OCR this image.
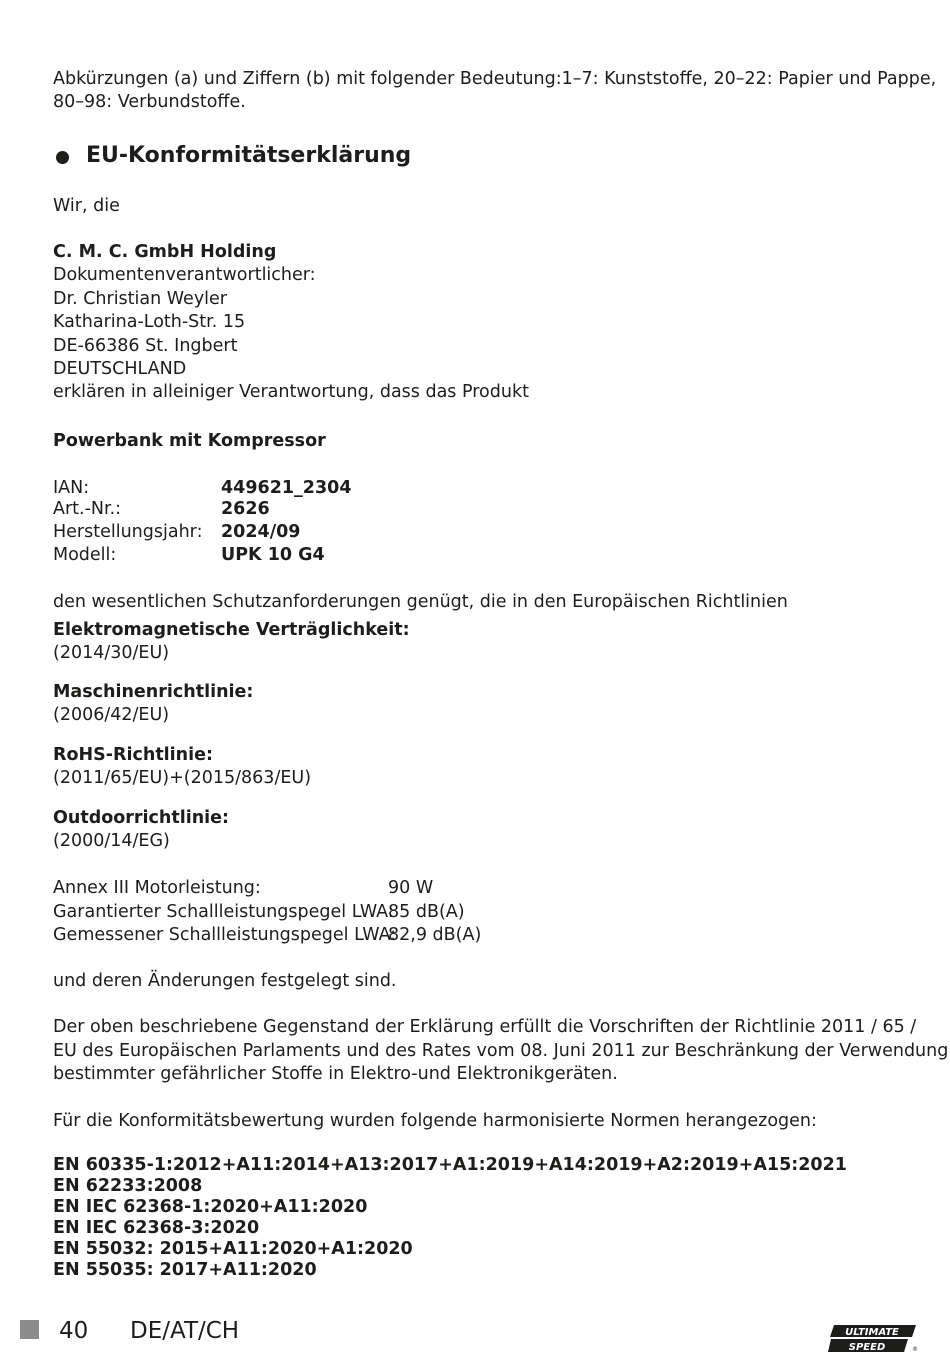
Abkürzungen (a) und Ziffern (b) mit folgender Bedeutung:1–7: Kunststoffe, 20–22: Papier und Pappe,
80–98: Verbundstoffe.
EU-Konformitätserklärung
Wir, die
C. M. C. GmbH Holding
Dokumentenverantwortlicher:
Dr. Christian Weyler
Katharina-Loth-Str. 15
DE-66386 St. Ingbert
DEUTSCHLAND
erklären in alleiniger Verantwortung, dass das Produkt
Powerbank mit Kompressor
IAN:	449621_2304
Art.-Nr.:	2626
Herstellungsjahr: 2024/09
Modell:	UPK 10 G4
den wesentlichen Schutzanforderungen genügt, die in den Europäischen Richtlinien
Elektromagnetische Verträglichkeit:
(2014/30/EU)
Maschinenrichtlinie:
(2006/42/EU)
RoHS-Richtlinie:
(2011/65/EU)+(2015/863/EU)
Outdoorrichtlinie:
(2000/14/EG)
Annex III Motorleistung:	90 W
Garantierter Schallleistungspegel LWA:
85 dB(A)
Gemessener Schallleistungspegel LWA:
82,9 dB(A)
und deren Änderungen festgelegt sind.
Der oben beschriebene Gegenstand der Erklärung erfüllt die Vorschriften der Richtlinie 2011 / 65 /
EU des Europäischen Parlaments und des Rates vom 08. Juni 2011 zur Beschränkung der Verwendung
bestimmter gefährlicher Stoffe in Elektro-und Elektronikgeräten.
Für die Konformitätsbewertung wurden folgende harmonisierte Normen herangezogen:
EN 60335-1:2012+A11:2014+A13:2017+A1:2019+A14:2019+A2:2019+A15:2021
EN 62233:2008
EN IEC 62368-1:2020+A11:2020
EN IEC 62368-3:2020
EN 55032: 2015+A11:2020+A1:2020
EN 55035: 2017+A11:2020
40 DE/AT/CH	ULTIMATE
SPEED	®
